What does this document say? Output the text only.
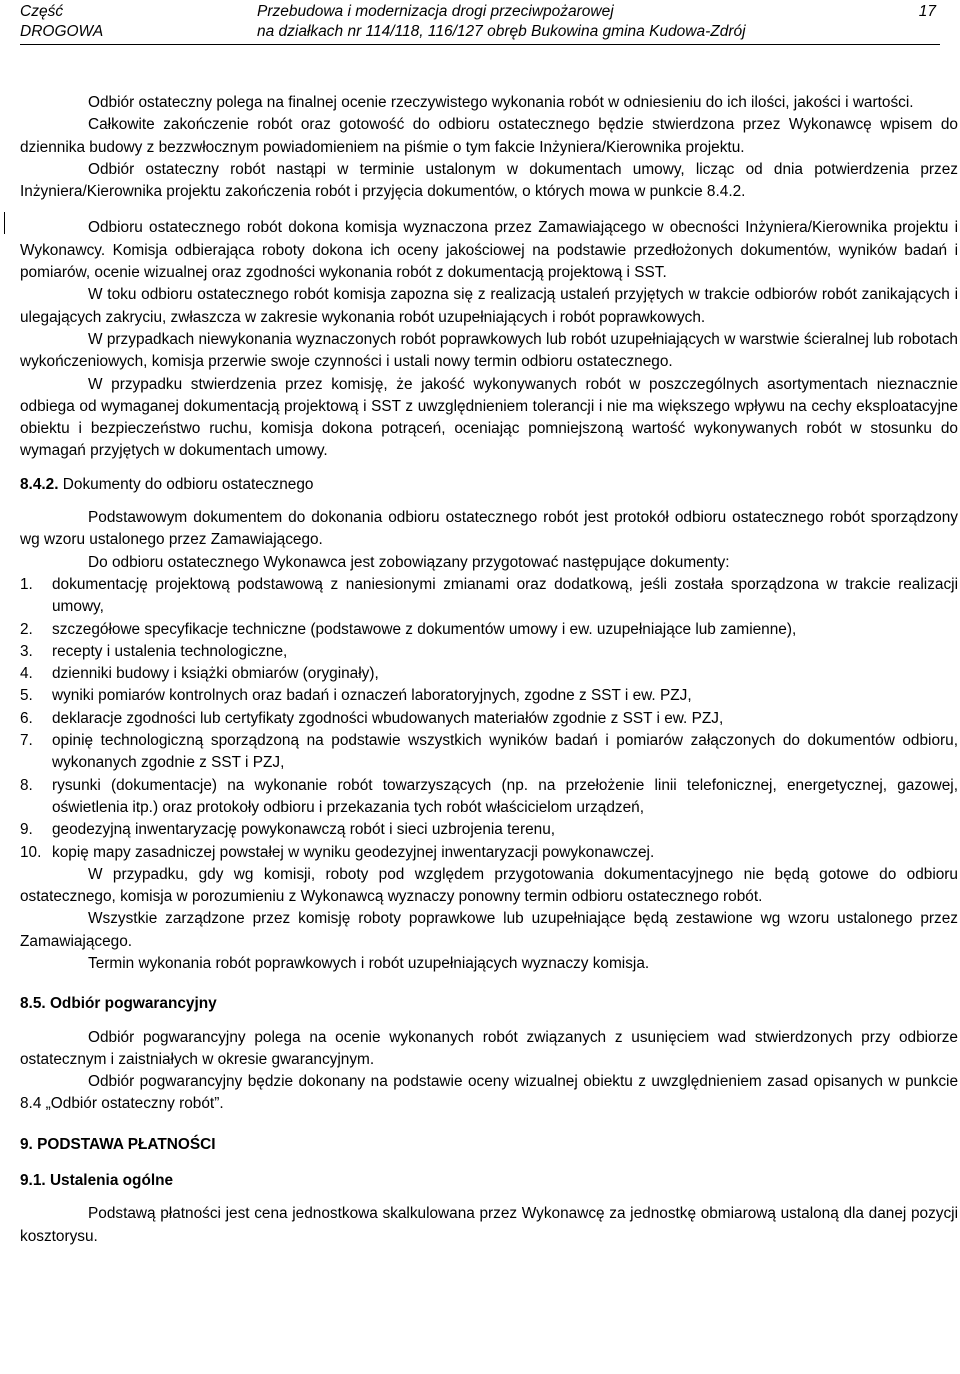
Część
DROGOWA
Przebudowa i modernizacja drogi przeciwpożarowej
na działkach nr 114/118, 116/127 obręb Bukowina gmina Kudowa-Zdrój
17

Odbiór ostateczny polega na finalnej ocenie rzeczywistego wykonania robót w odniesieniu do ich ilości, jakości i wartości.

Całkowite zakończenie robót oraz gotowość do odbioru ostatecznego będzie stwierdzona przez Wykonawcę wpisem do dziennika budowy z bezzwłocznym powiadomieniem na piśmie o tym fakcie Inżyniera/Kierownika projektu.

Odbiór ostateczny robót nastąpi w terminie ustalonym w dokumentach umowy, licząc od dnia potwierdzenia przez Inżyniera/Kierownika projektu zakończenia robót i przyjęcia dokumentów, o których mowa w punkcie 8.4.2.

Odbioru ostatecznego robót dokona komisja wyznaczona przez Zamawiającego w obecności Inżyniera/Kierownika projektu i Wykonawcy. Komisja odbierająca roboty dokona ich oceny jakościowej na podstawie przedłożonych dokumentów, wyników badań i pomiarów, ocenie wizualnej oraz zgodności wykonania robót z dokumentacją projektową i SST.

W toku odbioru ostatecznego robót komisja zapozna się z realizacją ustaleń przyjętych w trakcie odbiorów robót zanikających i ulegających zakryciu, zwłaszcza w zakresie wykonania robót uzupełniających i robót poprawkowych.

W przypadkach niewykonania wyznaczonych robót poprawkowych lub robót uzupełniających w warstwie ścieralnej lub robotach wykończeniowych, komisja przerwie swoje czynności i ustali nowy termin odbioru ostatecznego.

W przypadku stwierdzenia przez komisję, że jakość wykonywanych robót w poszczególnych asortymentach nieznacznie odbiega od wymaganej dokumentacją projektową i SST z uwzględnieniem tolerancji i nie ma większego wpływu na cechy eksploatacyjne obiektu i bezpieczeństwo ruchu, komisja dokona potrąceń, oceniając pomniejszoną wartość wykonywanych robót w stosunku do wymagań przyjętych w dokumentach umowy.

8.4.2. Dokumenty do odbioru ostatecznego

Podstawowym dokumentem do dokonania odbioru ostatecznego robót jest protokół odbioru ostatecznego robót sporządzony wg wzoru ustalonego przez Zamawiającego.

Do odbioru ostatecznego Wykonawca jest zobowiązany przygotować następujące dokumenty:

1. dokumentację projektową podstawową z naniesionymi zmianami oraz dodatkową, jeśli została sporządzona w trakcie realizacji umowy,
2. szczegółowe specyfikacje techniczne (podstawowe z dokumentów umowy i ew. uzupełniające lub zamienne),
3. recepty i ustalenia technologiczne,
4. dzienniki budowy i książki obmiarów (oryginały),
5. wyniki pomiarów kontrolnych oraz badań i oznaczeń laboratoryjnych, zgodne z SST i ew. PZJ,
6. deklaracje zgodności lub certyfikaty zgodności wbudowanych materiałów zgodnie z SST i ew. PZJ,
7. opinię technologiczną sporządzoną na podstawie wszystkich wyników badań i pomiarów załączonych do dokumentów odbioru, wykonanych zgodnie z SST i PZJ,
8. rysunki (dokumentacje) na wykonanie robót towarzyszących (np. na przełożenie linii telefonicznej, energetycznej, gazowej, oświetlenia itp.) oraz protokoły odbioru i przekazania tych robót właścicielom urządzeń,
9. geodezyjną inwentaryzację powykonawczą robót i sieci uzbrojenia terenu,
10. kopię mapy zasadniczej powstałej w wyniku geodezyjnej inwentaryzacji powykonawczej.

W przypadku, gdy wg komisji, roboty pod względem przygotowania dokumentacyjnego nie będą gotowe do odbioru ostatecznego, komisja w porozumieniu z Wykonawcą wyznaczy ponowny termin odbioru ostatecznego robót.

Wszystkie zarządzone przez komisję roboty poprawkowe lub uzupełniające będą zestawione wg wzoru ustalonego przez Zamawiającego.

Termin wykonania robót poprawkowych i robót uzupełniających wyznaczy komisja.

8.5. Odbiór pogwarancyjny

Odbiór pogwarancyjny polega na ocenie wykonanych robót związanych z usunięciem wad stwierdzonych przy odbiorze ostatecznym i zaistniałych w okresie gwarancyjnym.

Odbiór pogwarancyjny będzie dokonany na podstawie oceny wizualnej obiektu z uwzględnieniem zasad opisanych w punkcie 8.4 „Odbiór ostateczny robót”.

9. PODSTAWA PŁATNOŚCI

9.1. Ustalenia ogólne

Podstawą płatności jest cena jednostkowa skalkulowana przez Wykonawcę za jednostkę obmiarową ustaloną dla danej pozycji kosztorysu.
